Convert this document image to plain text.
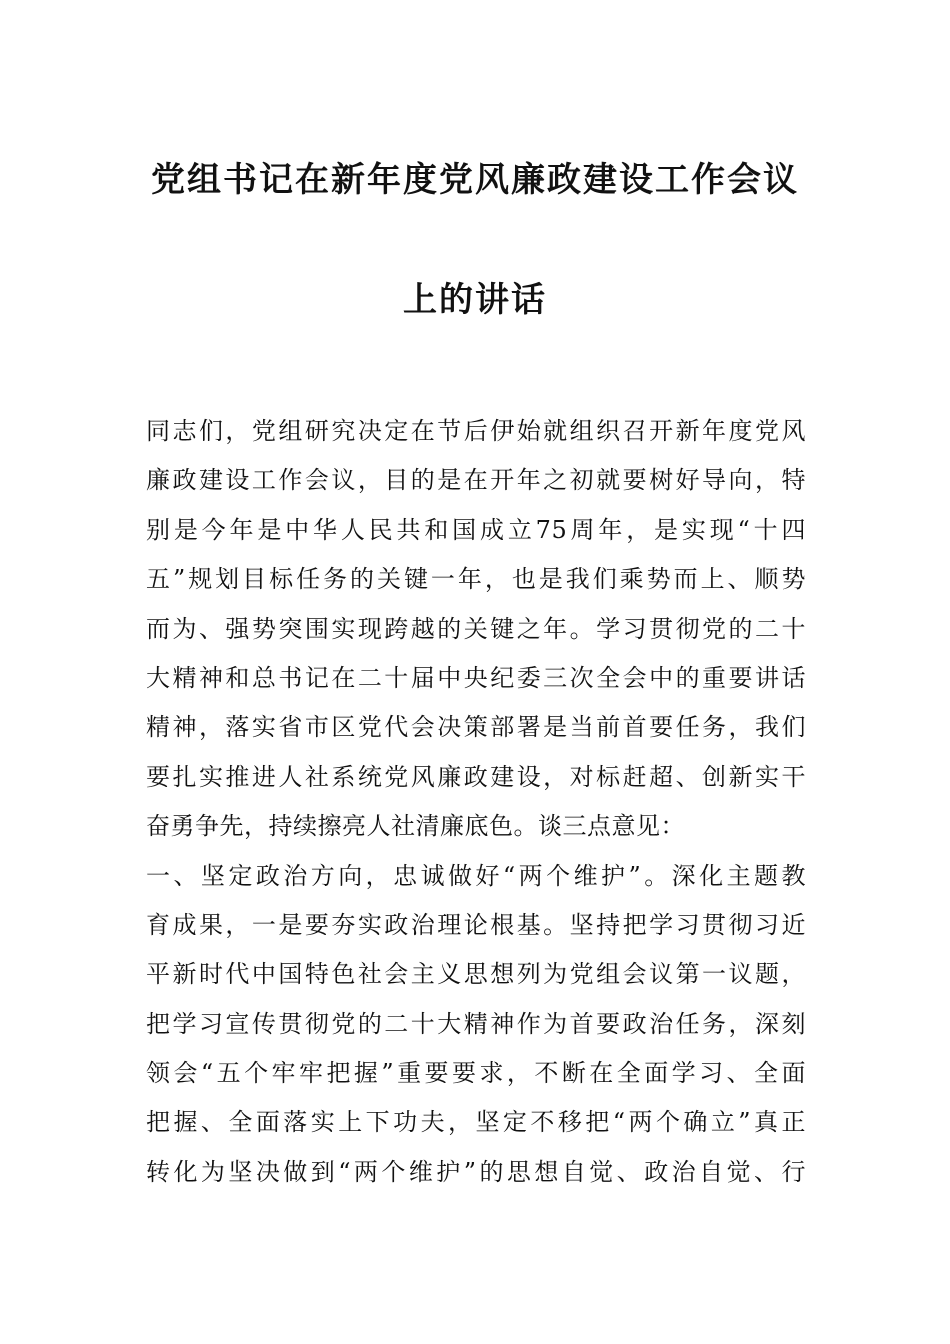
党组书记在新年度党风廉政建设工作会议
上的讲话
同志们，党组研究决定在节后伊始就组织召开新年度党风
廉政建设工作会议，目的是在开年之初就要树好导向，特
别是今年是中华人民共和国成立75周年，是实现“十四
五”规划目标任务的关键一年，也是我们乘势而上、顺势
而为、强势突围实现跨越的关键之年。学习贯彻党的二十
大精神和总书记在二十届中央纪委三次全会中的重要讲话
精神，落实省市区党代会决策部署是当前首要任务，我们
要扎实推进人社系统党风廉政建设，对标赶超、创新实干
奋勇争先，持续擦亮人社清廉底色。谈三点意见：
一、坚定政治方向，忠诚做好“两个维护”。深化主题教
育成果，一是要夯实政治理论根基。坚持把学习贯彻习近
平新时代中国特色社会主义思想列为党组会议第一议题，
把学习宣传贯彻党的二十大精神作为首要政治任务，深刻
领会“五个牢牢把握”重要要求，不断在全面学习、全面
把握、全面落实上下功夫，坚定不移把“两个确立”真正
转化为坚决做到“两个维护”的思想自觉、政治自觉、行
